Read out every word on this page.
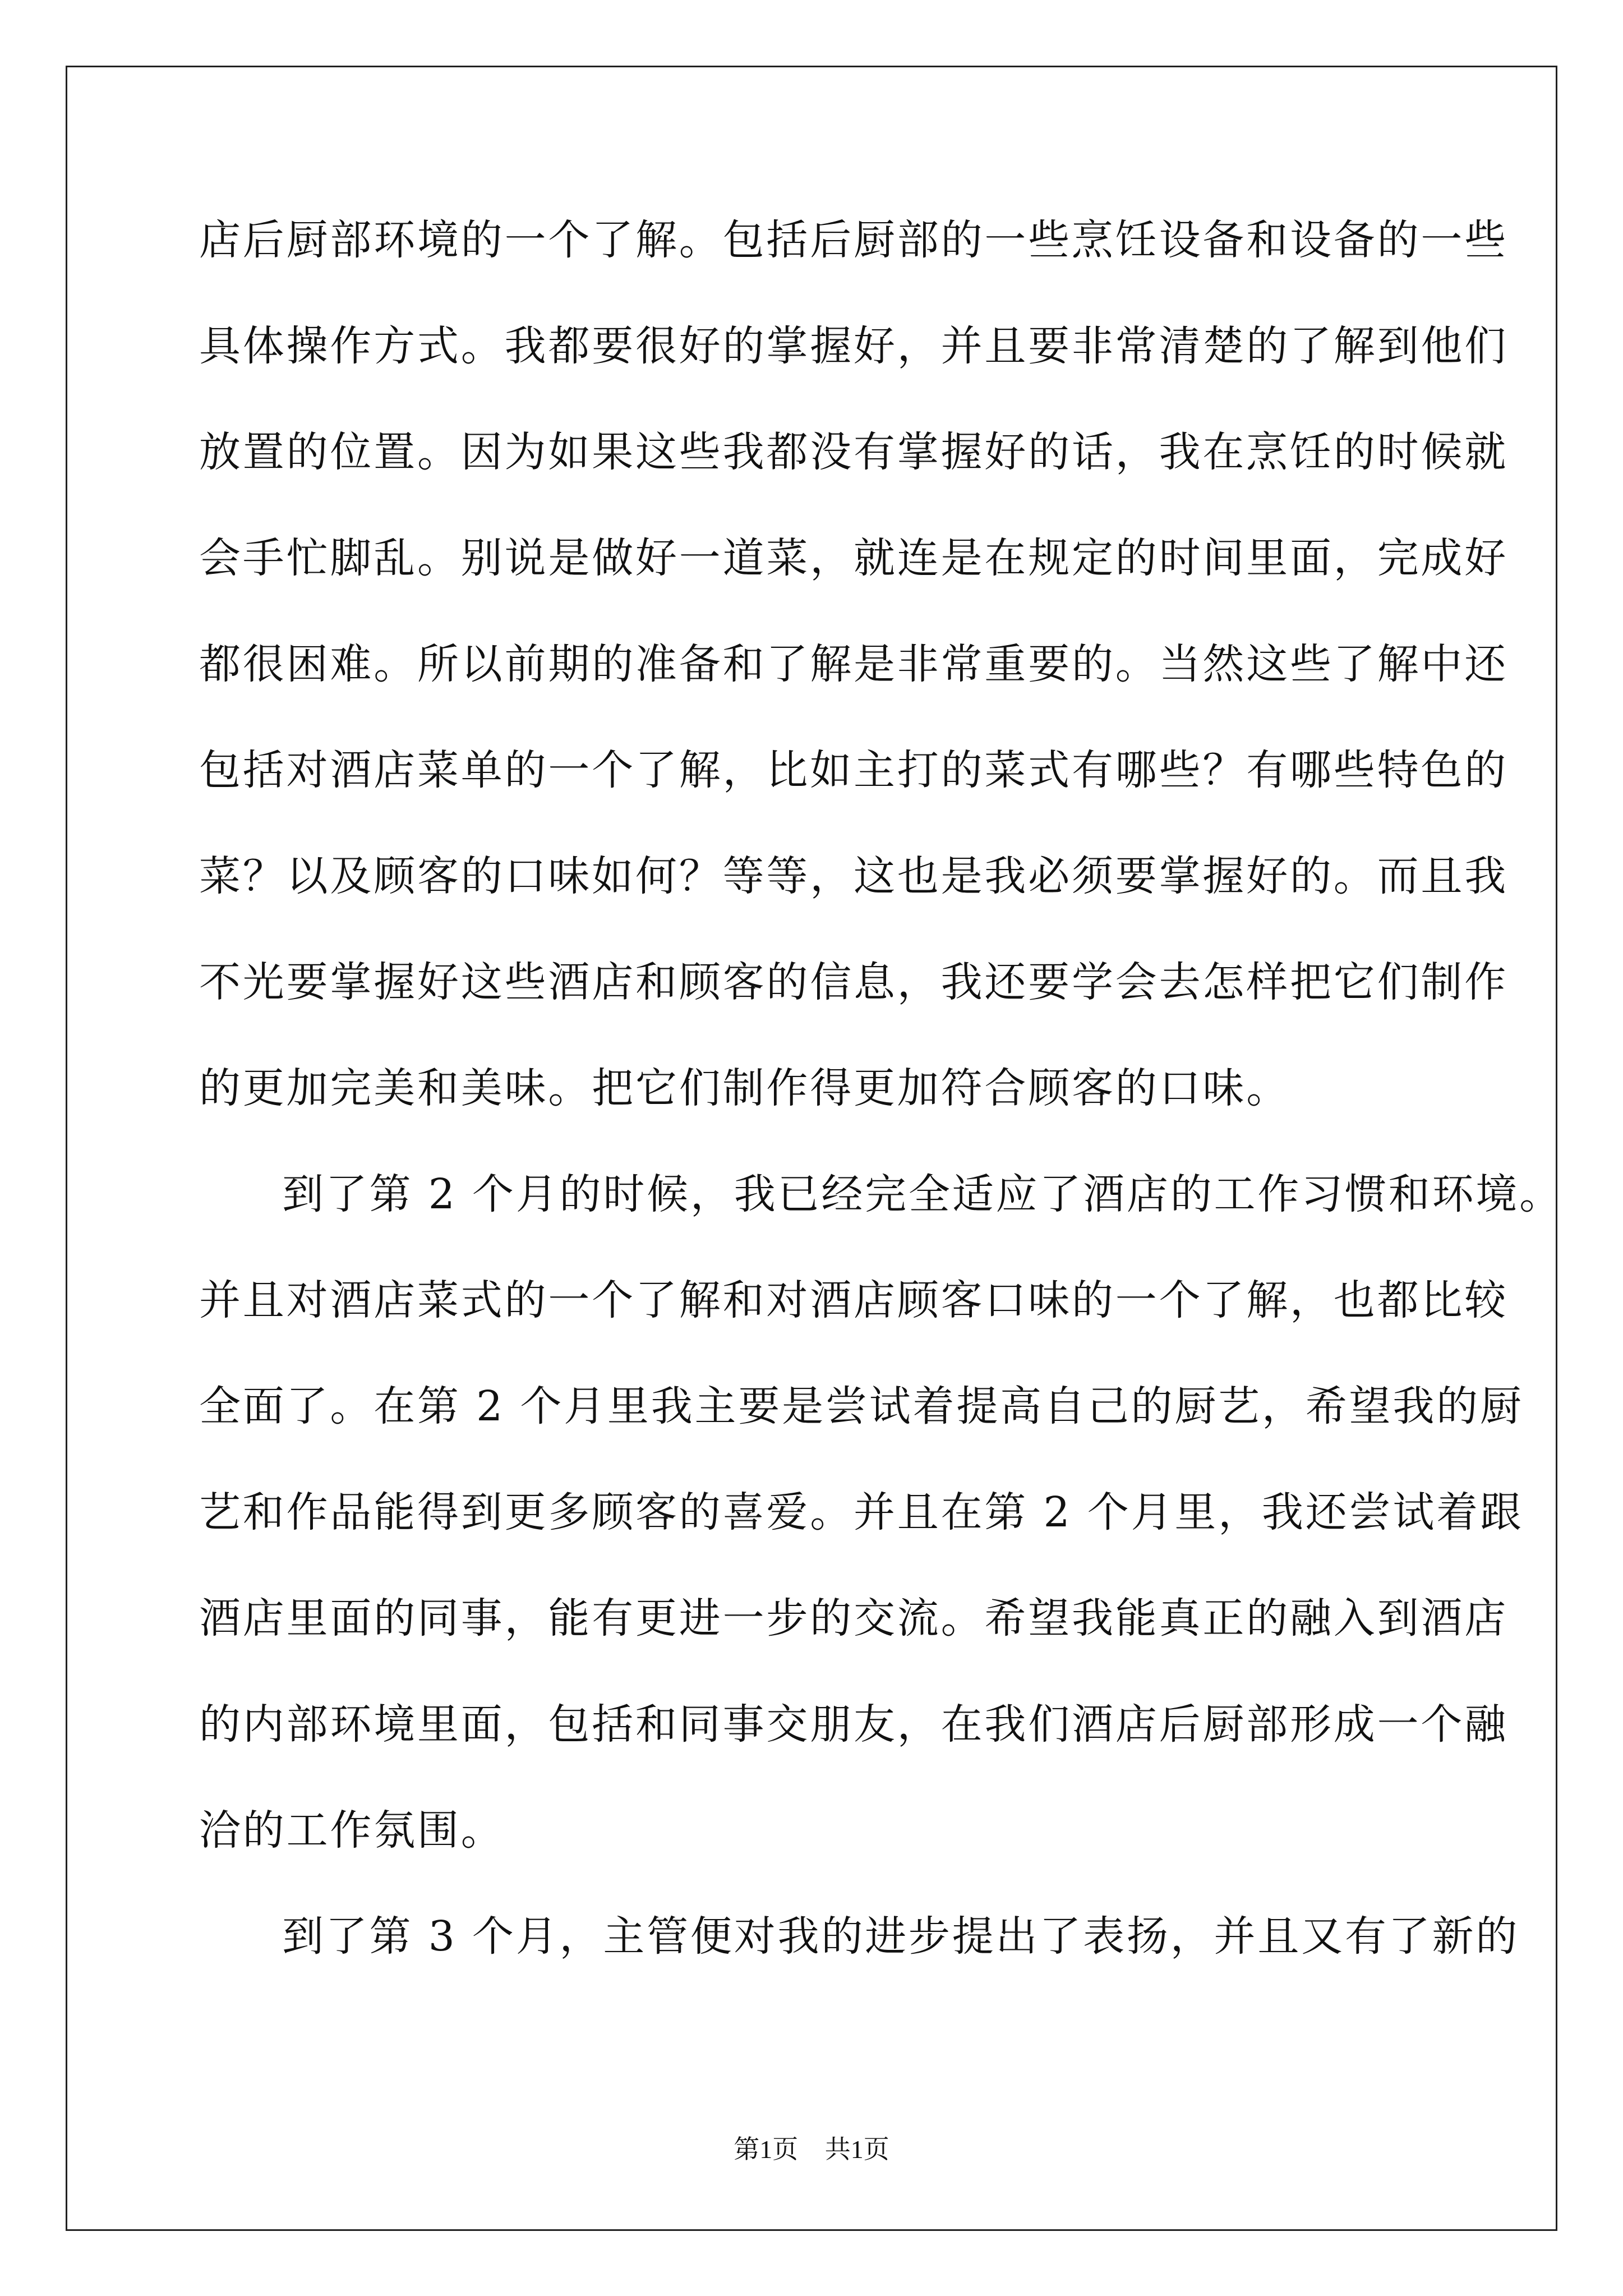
店后厨部环境的一个了解。包括后厨部的一些烹饪设备和设备的一些
具体操作方式。我都要很好的掌握好，并且要非常清楚的了解到他们
放置的位置。因为如果这些我都没有掌握好的话，我在烹饪的时候就
会手忙脚乱。别说是做好一道菜，就连是在规定的时间里面，完成好
都很困难。所以前期的准备和了解是非常重要的。当然这些了解中还
包括对酒店菜单的一个了解，比如主打的菜式有哪些？有哪些特色的
菜？以及顾客的口味如何？等等，这也是我必须要掌握好的。而且我
不光要掌握好这些酒店和顾客的信息，我还要学会去怎样把它们制作
的更加完美和美味。把它们制作得更加符合顾客的口味。
到了第 2 个月的时候，我已经完全适应了酒店的工作习惯和环境。
并且对酒店菜式的一个了解和对酒店顾客口味的一个了解，也都比较
全面了。在第 2 个月里我主要是尝试着提高自己的厨艺，希望我的厨
艺和作品能得到更多顾客的喜爱。并且在第 2 个月里，我还尝试着跟
酒店里面的同事，能有更进一步的交流。希望我能真正的融入到酒店
的内部环境里面，包括和同事交朋友，在我们酒店后厨部形成一个融
洽的工作氛围。
到了第 3 个月，主管便对我的进步提出了表扬，并且又有了新的
第1页 共1页
